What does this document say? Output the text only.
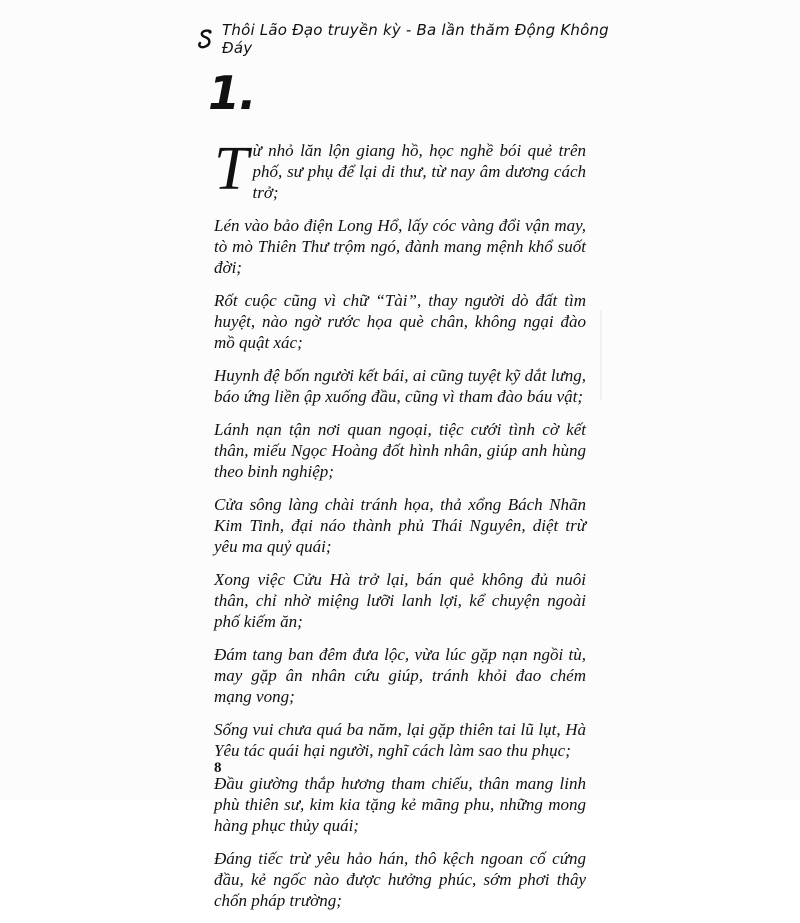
Thôi Lão Đạo truyền kỳ - Ba lần thăm Động Không Đáy
1.

Từ nhỏ lăn lộn giang hồ, học nghề bói quẻ trên phố, sư phụ để lại di thư, từ nay âm dương cách trở;

Lén vào bảo điện Long Hổ, lấy cóc vàng đổi vận may, tò mò Thiên Thư trộm ngó, đành mang mệnh khổ suốt đời;

Rốt cuộc cũng vì chữ “Tài”, thay người dò đất tìm huyệt, nào ngờ rước họa què chân, không ngại đào mồ quật xác;

Huynh đệ bốn người kết bái, ai cũng tuyệt kỹ dắt lưng, báo ứng liền ập xuống đầu, cũng vì tham đào báu vật;

Lánh nạn tận nơi quan ngoại, tiệc cưới tình cờ kết thân, miếu Ngọc Hoàng đốt hình nhân, giúp anh hùng theo binh nghiệp;

Cửa sông làng chài tránh họa, thả xổng Bách Nhãn Kim Tinh, đại náo thành phủ Thái Nguyên, diệt trừ yêu ma quỷ quái;

Xong việc Cửu Hà trở lại, bán quẻ không đủ nuôi thân, chỉ nhờ miệng lưỡi lanh lợi, kể chuyện ngoài phố kiếm ăn;

Đám tang ban đêm đưa lộc, vừa lúc gặp nạn ngồi tù, may gặp ân nhân cứu giúp, tránh khỏi đao chém mạng vong;

Sống vui chưa quá ba năm, lại gặp thiên tai lũ lụt, Hà Yêu tác quái hại người, nghĩ cách làm sao thu phục;

Đầu giường thắp hương tham chiếu, thân mang linh phù thiên sư, kim kia tặng kẻ mãng phu, những mong hàng phục thủy quái;

Đáng tiếc trừ yêu hảo hán, thô kệch ngoan cố cứng đầu, kẻ ngốc nào được hưởng phúc, sớm phơi thây chốn pháp trường;

8
